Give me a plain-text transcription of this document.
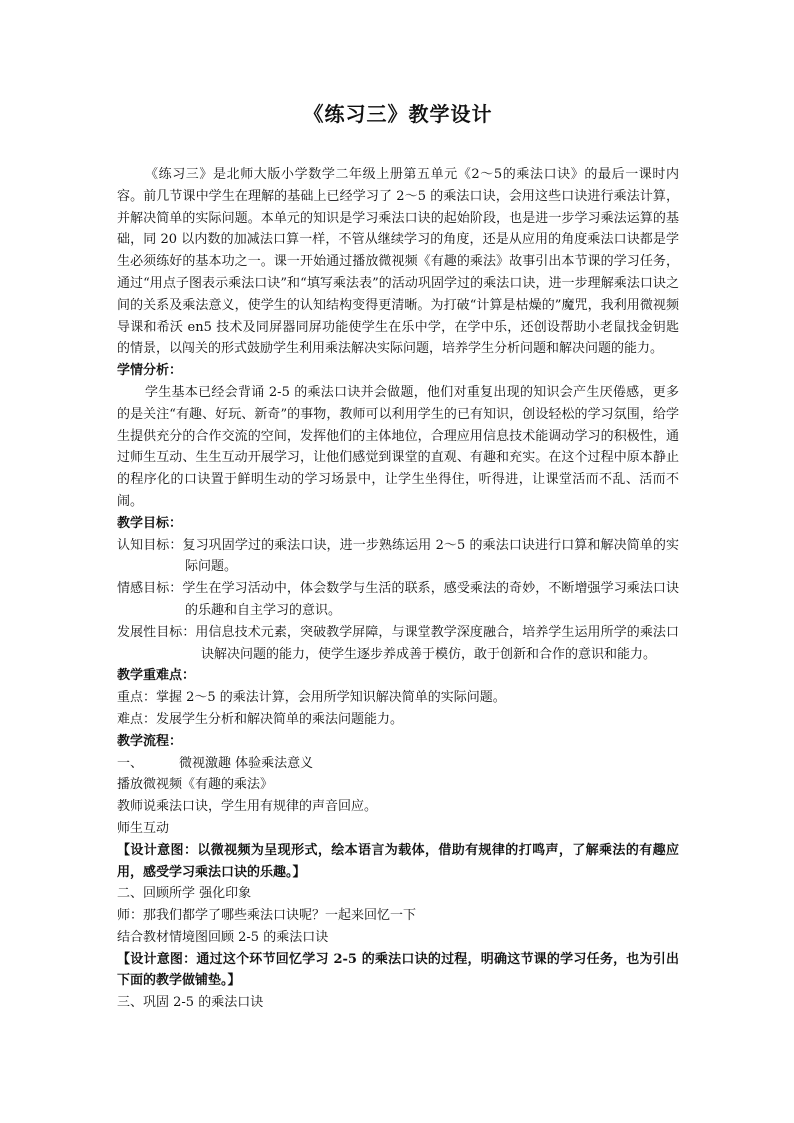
《练习三》教学设计

《练习三》是北师大版小学数学二年级上册第五单元《2～5的乘法口诀》的最后一课时内容。前几节课中学生在理解的基础上已经学习了 2～5 的乘法口诀，会用这些口诀进行乘法计算，并解决简单的实际问题。本单元的知识是学习乘法口诀的起始阶段，也是进一步学习乘法运算的基础，同 20 以内数的加减法口算一样，不管从继续学习的角度，还是从应用的角度乘法口诀都是学生必须练好的基本功之一。课一开始通过播放微视频《有趣的乘法》故事引出本节课的学习任务，通过“用点子图表示乘法口诀”和“填写乘法表”的活动巩固学过的乘法口诀，进一步理解乘法口诀之间的关系及乘法意义，使学生的认知结构变得更清晰。为打破“计算是枯燥的”魔咒，我利用微视频导课和希沃 en5 技术及同屏器同屏功能使学生在乐中学，在学中乐，还创设帮助小老鼠找金钥匙的情景，以闯关的形式鼓励学生利用乘法解决实际问题，培养学生分析问题和解决问题的能力。

学情分析：

学生基本已经会背诵 2-5 的乘法口诀并会做题，他们对重复出现的知识会产生厌倦感，更多的是关注“有趣、好玩、新奇”的事物，教师可以利用学生的已有知识，创设轻松的学习氛围，给学生提供充分的合作交流的空间，发挥他们的主体地位，合理应用信息技术能调动学习的积极性，通过师生互动、生生互动开展学习，让他们感觉到课堂的直观、有趣和充实。在这个过程中原本静止的程序化的口诀置于鲜明生动的学习场景中，让学生坐得住，听得进，让课堂活而不乱、活而不闹。

教学目标：

认知目标：复习巩固学过的乘法口诀，进一步熟练运用 2～5 的乘法口诀进行口算和解决简单的实际问题。

情感目标：学生在学习活动中，体会数学与生活的联系，感受乘法的奇妙，不断增强学习乘法口诀的乐趣和自主学习的意识。

发展性目标：用信息技术元素，突破教学屏障，与课堂教学深度融合，培养学生运用所学的乘法口诀解决问题的能力，使学生逐步养成善于模仿，敢于创新和合作的意识和能力。

教学重难点：

重点：掌握 2～5 的乘法计算，会用所学知识解决简单的实际问题。

难点：发展学生分析和解决简单的乘法问题能力。

教学流程：

一、	微视激趣 体验乘法意义

播放微视频《有趣的乘法》

教师说乘法口诀，学生用有规律的声音回应。

师生互动

【设计意图：以微视频为呈现形式，绘本语言为载体，借助有规律的打鸣声，了解乘法的有趣应用，感受学习乘法口诀的乐趣。】

二、回顾所学 强化印象

师：那我们都学了哪些乘法口诀呢？一起来回忆一下

结合教材情境图回顾 2-5 的乘法口诀

【设计意图：通过这个环节回忆学习 2-5 的乘法口诀的过程，明确这节课的学习任务，也为引出下面的教学做铺垫。】

三、巩固 2-5 的乘法口诀
